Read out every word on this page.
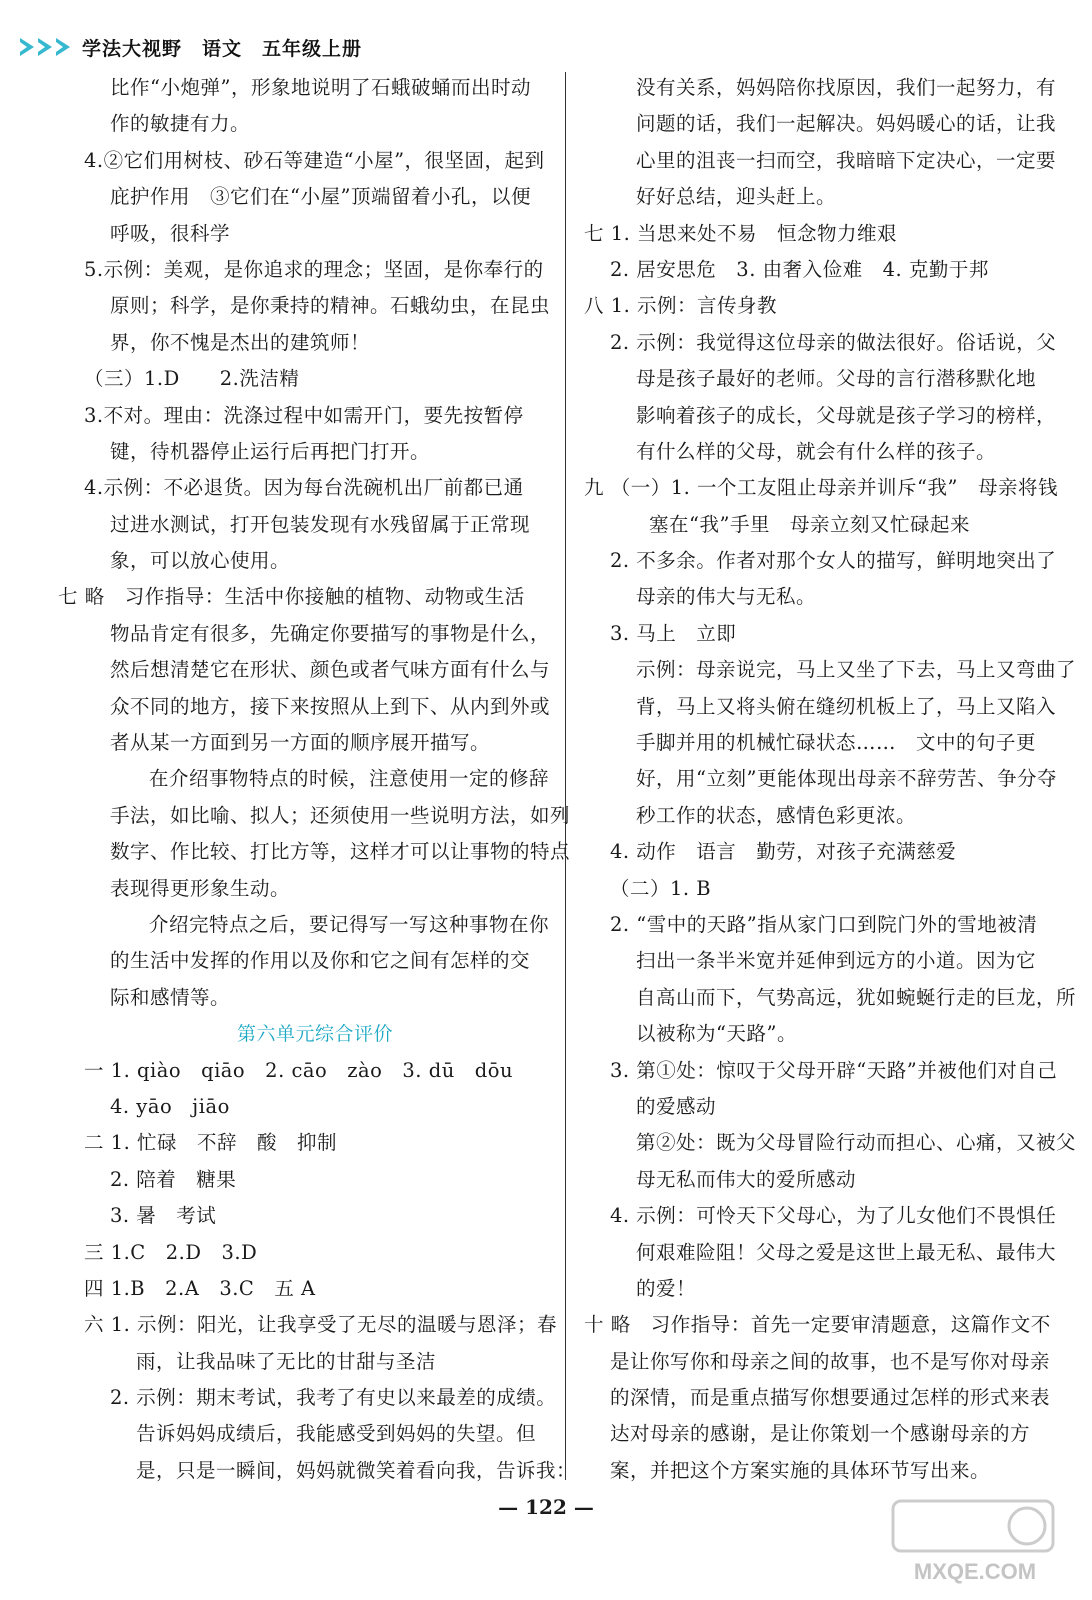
学法大视野　语文　五年级上册
比作“小炮弹”，形象地说明了石蛾破蛹而出时动
作的敏捷有力。
4.②它们用树枝、砂石等建造“小屋”，很坚固，起到
庇护作用　③它们在“小屋”顶端留着小孔，以便
呼吸，很科学
5.示例：美观，是你追求的理念；坚固，是你奉行的
原则；科学，是你秉持的精神。石蛾幼虫，在昆虫
界，你不愧是杰出的建筑师！
（三）1.D　　2.洗洁精
3.不对。理由：洗涤过程中如需开门，要先按暂停
键，待机器停止运行后再把门打开。
4.示例：不必退货。因为每台洗碗机出厂前都已通
过进水测试，打开包装发现有水残留属于正常现
象，可以放心使用。
七 略　习作指导：生活中你接触的植物、动物或生活
物品肯定有很多，先确定你要描写的事物是什么，
然后想清楚它在形状、颜色或者气味方面有什么与
众不同的地方，接下来按照从上到下、从内到外或
者从某一方面到另一方面的顺序展开描写。
在介绍事物特点的时候，注意使用一定的修辞
手法，如比喻、拟人；还须使用一些说明方法，如列
数字、作比较、打比方等，这样才可以让事物的特点
表现得更形象生动。
介绍完特点之后，要记得写一写这种事物在你
的生活中发挥的作用以及你和它之间有怎样的交
际和感情等。
第六单元综合评价
一 1. qiào　qiāo　2. cāo　zào　3. dū　dōu
4. yāo　jiāo
二 1. 忙碌　不辞　酸　抑制
2. 陪着　糖果
3. 暑　考试
三 1.C　2.D　3.D
四 1.B　2.A　3.C　五 A
六 1. 示例：阳光，让我享受了无尽的温暖与恩泽；春
雨，让我品味了无比的甘甜与圣洁
2. 示例：期末考试，我考了有史以来最差的成绩。
告诉妈妈成绩后，我能感受到妈妈的失望。但
是，只是一瞬间，妈妈就微笑着看向我，告诉我：
没有关系，妈妈陪你找原因，我们一起努力，有
问题的话，我们一起解决。妈妈暖心的话，让我
心里的沮丧一扫而空，我暗暗下定决心，一定要
好好总结，迎头赶上。
七 1. 当思来处不易　恒念物力维艰
2. 居安思危　3. 由奢入俭难　4. 克勤于邦
八 1. 示例：言传身教
2. 示例：我觉得这位母亲的做法很好。俗话说，父
母是孩子最好的老师。父母的言行潜移默化地
影响着孩子的成长，父母就是孩子学习的榜样，
有什么样的父母，就会有什么样的孩子。
九 （一）1. 一个工友阻止母亲并训斥“我”　母亲将钱
塞在“我”手里　母亲立刻又忙碌起来
2. 不多余。作者对那个女人的描写，鲜明地突出了
母亲的伟大与无私。
3. 马上　立即
示例：母亲说完，马上又坐了下去，马上又弯曲了
背，马上又将头俯在缝纫机板上了，马上又陷入
手脚并用的机械忙碌状态……　文中的句子更
好，用“立刻”更能体现出母亲不辞劳苦、争分夺
秒工作的状态，感情色彩更浓。
4. 动作　语言　勤劳，对孩子充满慈爱
（二）1. B
2. “雪中的天路”指从家门口到院门外的雪地被清
扫出一条半米宽并延伸到远方的小道。因为它
自高山而下，气势高远，犹如蜿蜒行走的巨龙，所
以被称为“天路”。
3. 第①处：惊叹于父母开辟“天路”并被他们对自己
的爱感动
第②处：既为父母冒险行动而担心、心痛，又被父
母无私而伟大的爱所感动
4. 示例：可怜天下父母心，为了儿女他们不畏惧任
何艰难险阻！父母之爱是这世上最无私、最伟大
的爱！
十 略　习作指导：首先一定要审清题意，这篇作文不
是让你写你和母亲之间的故事，也不是写你对母亲
的深情，而是重点描写你想要通过怎样的形式来表
达对母亲的感谢，是让你策划一个感谢母亲的方
案，并把这个方案实施的具体环节写出来。
— 122 —
MXQE.COM
